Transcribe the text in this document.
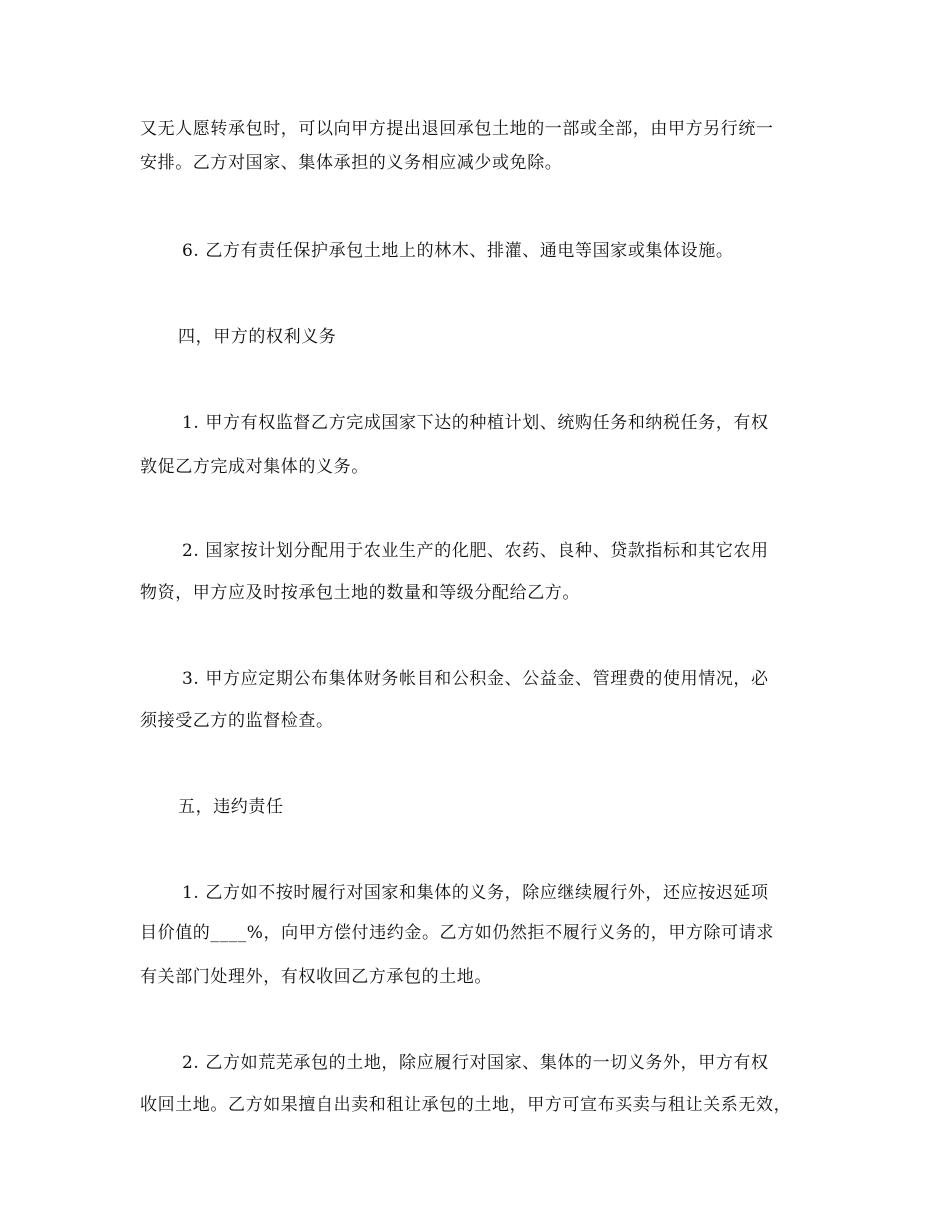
又无人愿转承包时，可以向甲方提出退回承包土地的一部或全部，由甲方另行统一
安排。乙方对国家、集体承担的义务相应减少或免除。
6. 乙方有责任保护承包土地上的林木、排灌、通电等国家或集体设施。
四，甲方的权利义务
1. 甲方有权监督乙方完成国家下达的种植计划、统购任务和纳税任务，有权
敦促乙方完成对集体的义务。
2. 国家按计划分配用于农业生产的化肥、农药、良种、贷款指标和其它农用
物资，甲方应及时按承包土地的数量和等级分配给乙方。
3. 甲方应定期公布集体财务帐目和公积金、公益金、管理费的使用情况，必
须接受乙方的监督检查。
五，违约责任
1. 乙方如不按时履行对国家和集体的义务，除应继续履行外，还应按迟延项
目价值的____%，向甲方偿付违约金。乙方如仍然拒不履行义务的，甲方除可请求
有关部门处理外，有权收回乙方承包的土地。
2. 乙方如荒芜承包的土地，除应履行对国家、集体的一切义务外，甲方有权
收回土地。乙方如果擅自出卖和租让承包的土地，甲方可宣布买卖与租让关系无效，
